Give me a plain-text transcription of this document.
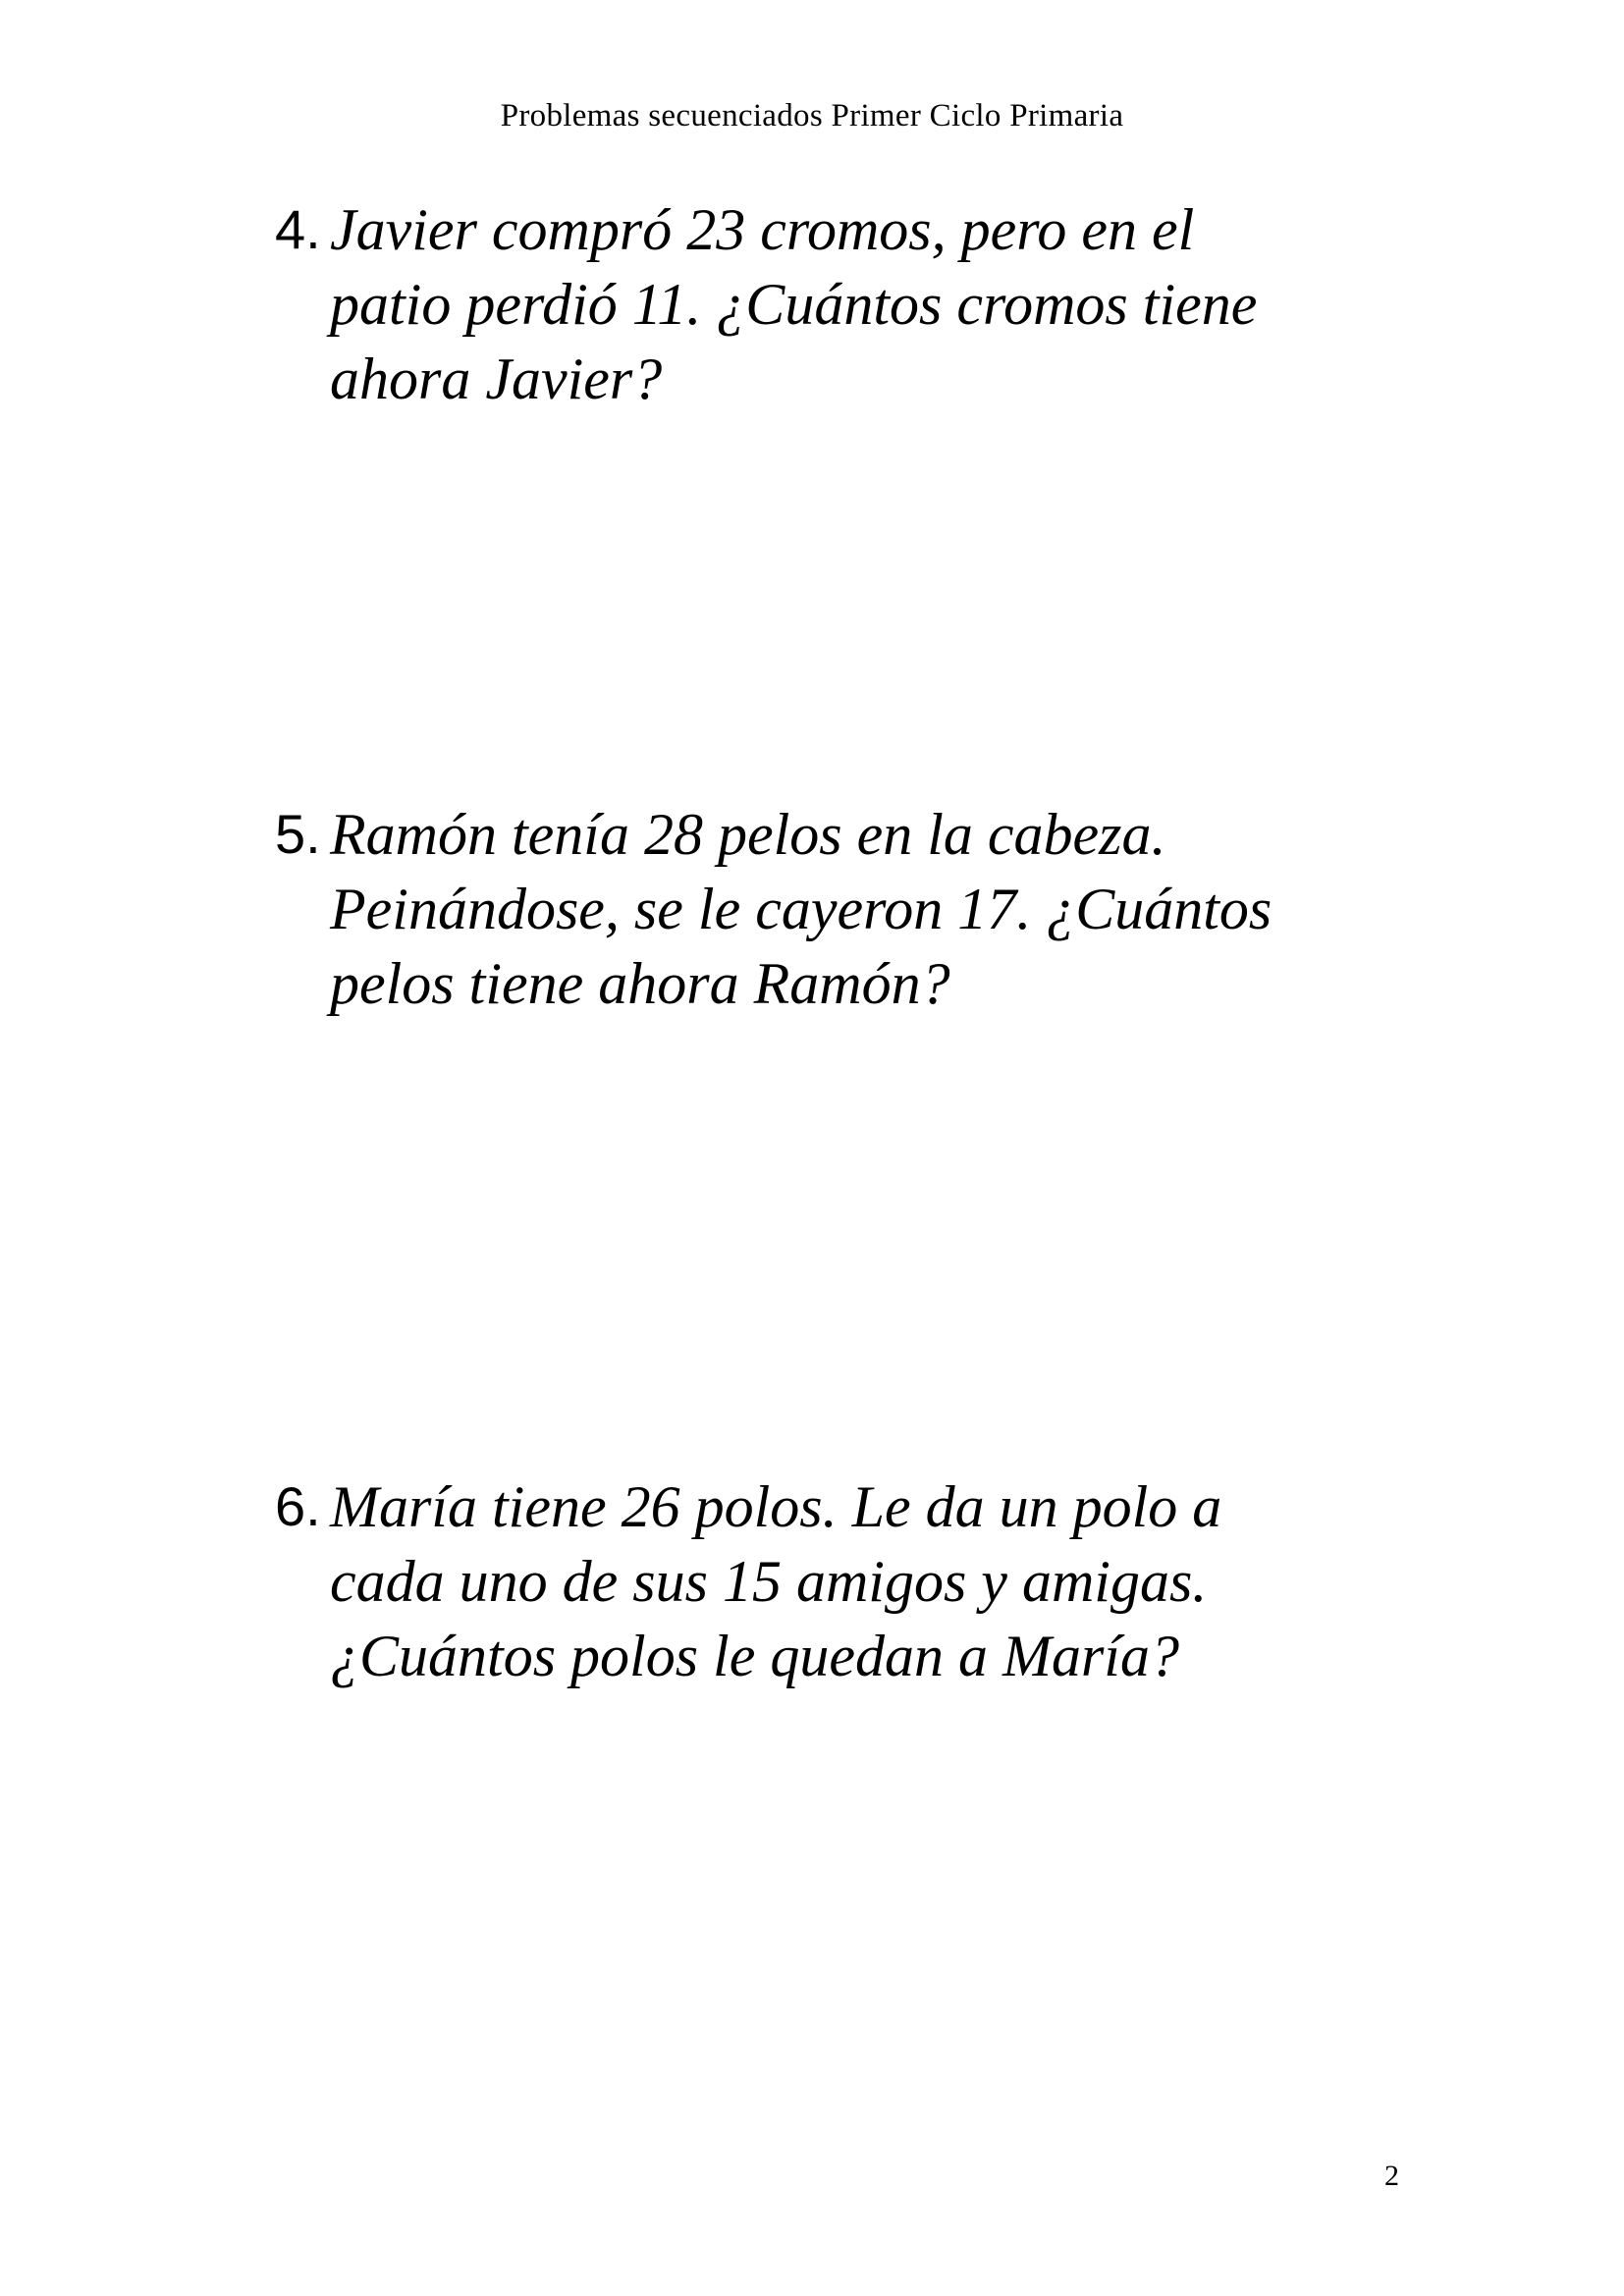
Problemas secuenciados Primer Ciclo Primaria
4. Javier compró 23 cromos, pero en el
patio perdió 11. ¿Cuántos cromos tiene
ahora Javier?
5. Ramón tenía 28 pelos en la cabeza.
Peinándose, se le cayeron 17. ¿Cuántos
pelos tiene ahora Ramón?
6. María tiene 26 polos. Le da un polo a
cada uno de sus 15 amigos y amigas.
¿Cuántos polos le quedan a María?
2
